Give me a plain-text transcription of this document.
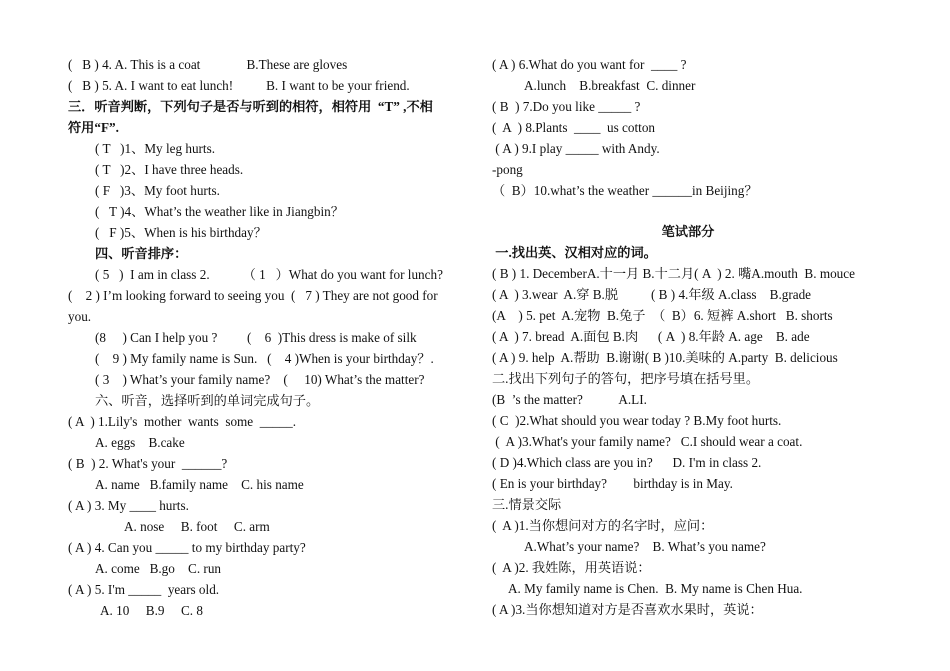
(   B ) 4. A. This is a coat              B.These are gloves
(   B ) 5. A. I want to eat lunch!          B. I want to be your friend.
三．听音判断，下列句子是否与听到的相符，相符用  “T” ,不相
符用“F”.
( T   )1、My leg hurts.
( T   )2、I have three heads.
( F   )3、My foot hurts.
(   T )4、What’s the weather like in Jiangbin？
(   F )5、When is his birthday？
四、听音排序：
( 5   )  I am in class 2.          （ 1   ）What do you want for lunch?
(    2 ) I’m looking forward to seeing you  (   7 ) They are not good for
you.
(8     ) Can I help you ?         (    6  )This dress is make of silk
(    9 ) My family name is Sun.   (    4 )When is your birthday？.
( 3    ) What’s your family name?    (     10) What’s the matter?
六、听音，选择听到的单词完成句子。
( A  ) 1.Lily's  mother  wants  some  _____.
A. eggs    B.cake
( B  ) 2. What's your  ______?
A. name   B.family name    C. his name
( A ) 3. My ____ hurts.
A. nose     B. foot     C. arm
( A ) 4. Can you _____ to my birthday party?
A. come   B.go    C. run
( A ) 5. I'm _____  years old.
A. 10     B.9     C. 8
( A ) 6.What do you want for  ____ ?
A.lunch    B.breakfast  C. dinner
( B  ) 7.Do you like _____ ?
(  A  ) 8.Plants  ____  us cotton
( A ) 9.I play _____ with Andy.
-pong
（  B）10.what’s the weather ______in Beijing？
笔试部分
一.找出英、汉相对应的词。
( B ) 1. DecemberA.十一月 B.十二月( A  ) 2. 嘴A.mouth  B. mouce
( A  ) 3.wear  A.穿 B.脱          ( B ) 4.年级 A.class    B.grade
(A    ) 5. pet  A.宠物  B.兔子  （  B）6. 短裤 A.short   B. shorts
( A  ) 7. bread  A.面包 B.肉      ( A  ) 8.年龄 A. age    B. ade
( A ) 9. help  A.帮助  B.谢谢( B )10.美味的 A.party  B. delicious
二.找出下列句子的答句，把序号填在括号里。
(B  ’s the matter?           A.LI.
( C  )2.What should you wear today ? B.My foot hurts.
(  A )3.What's your family name?   C.I should wear a coat.
( D )4.Which class are you in?      D. I'm in class 2.
( En is your birthday?        birthday is in May.
三.情景交际
(  A )1.当你想问对方的名字时，应问：
A.What’s your name?    B. What’s you name?
(  A )2. 我姓陈，用英语说：
A. My family name is Chen.  B. My name is Chen Hua.
( A )3.当你想知道对方是否喜欢水果时，英说：
